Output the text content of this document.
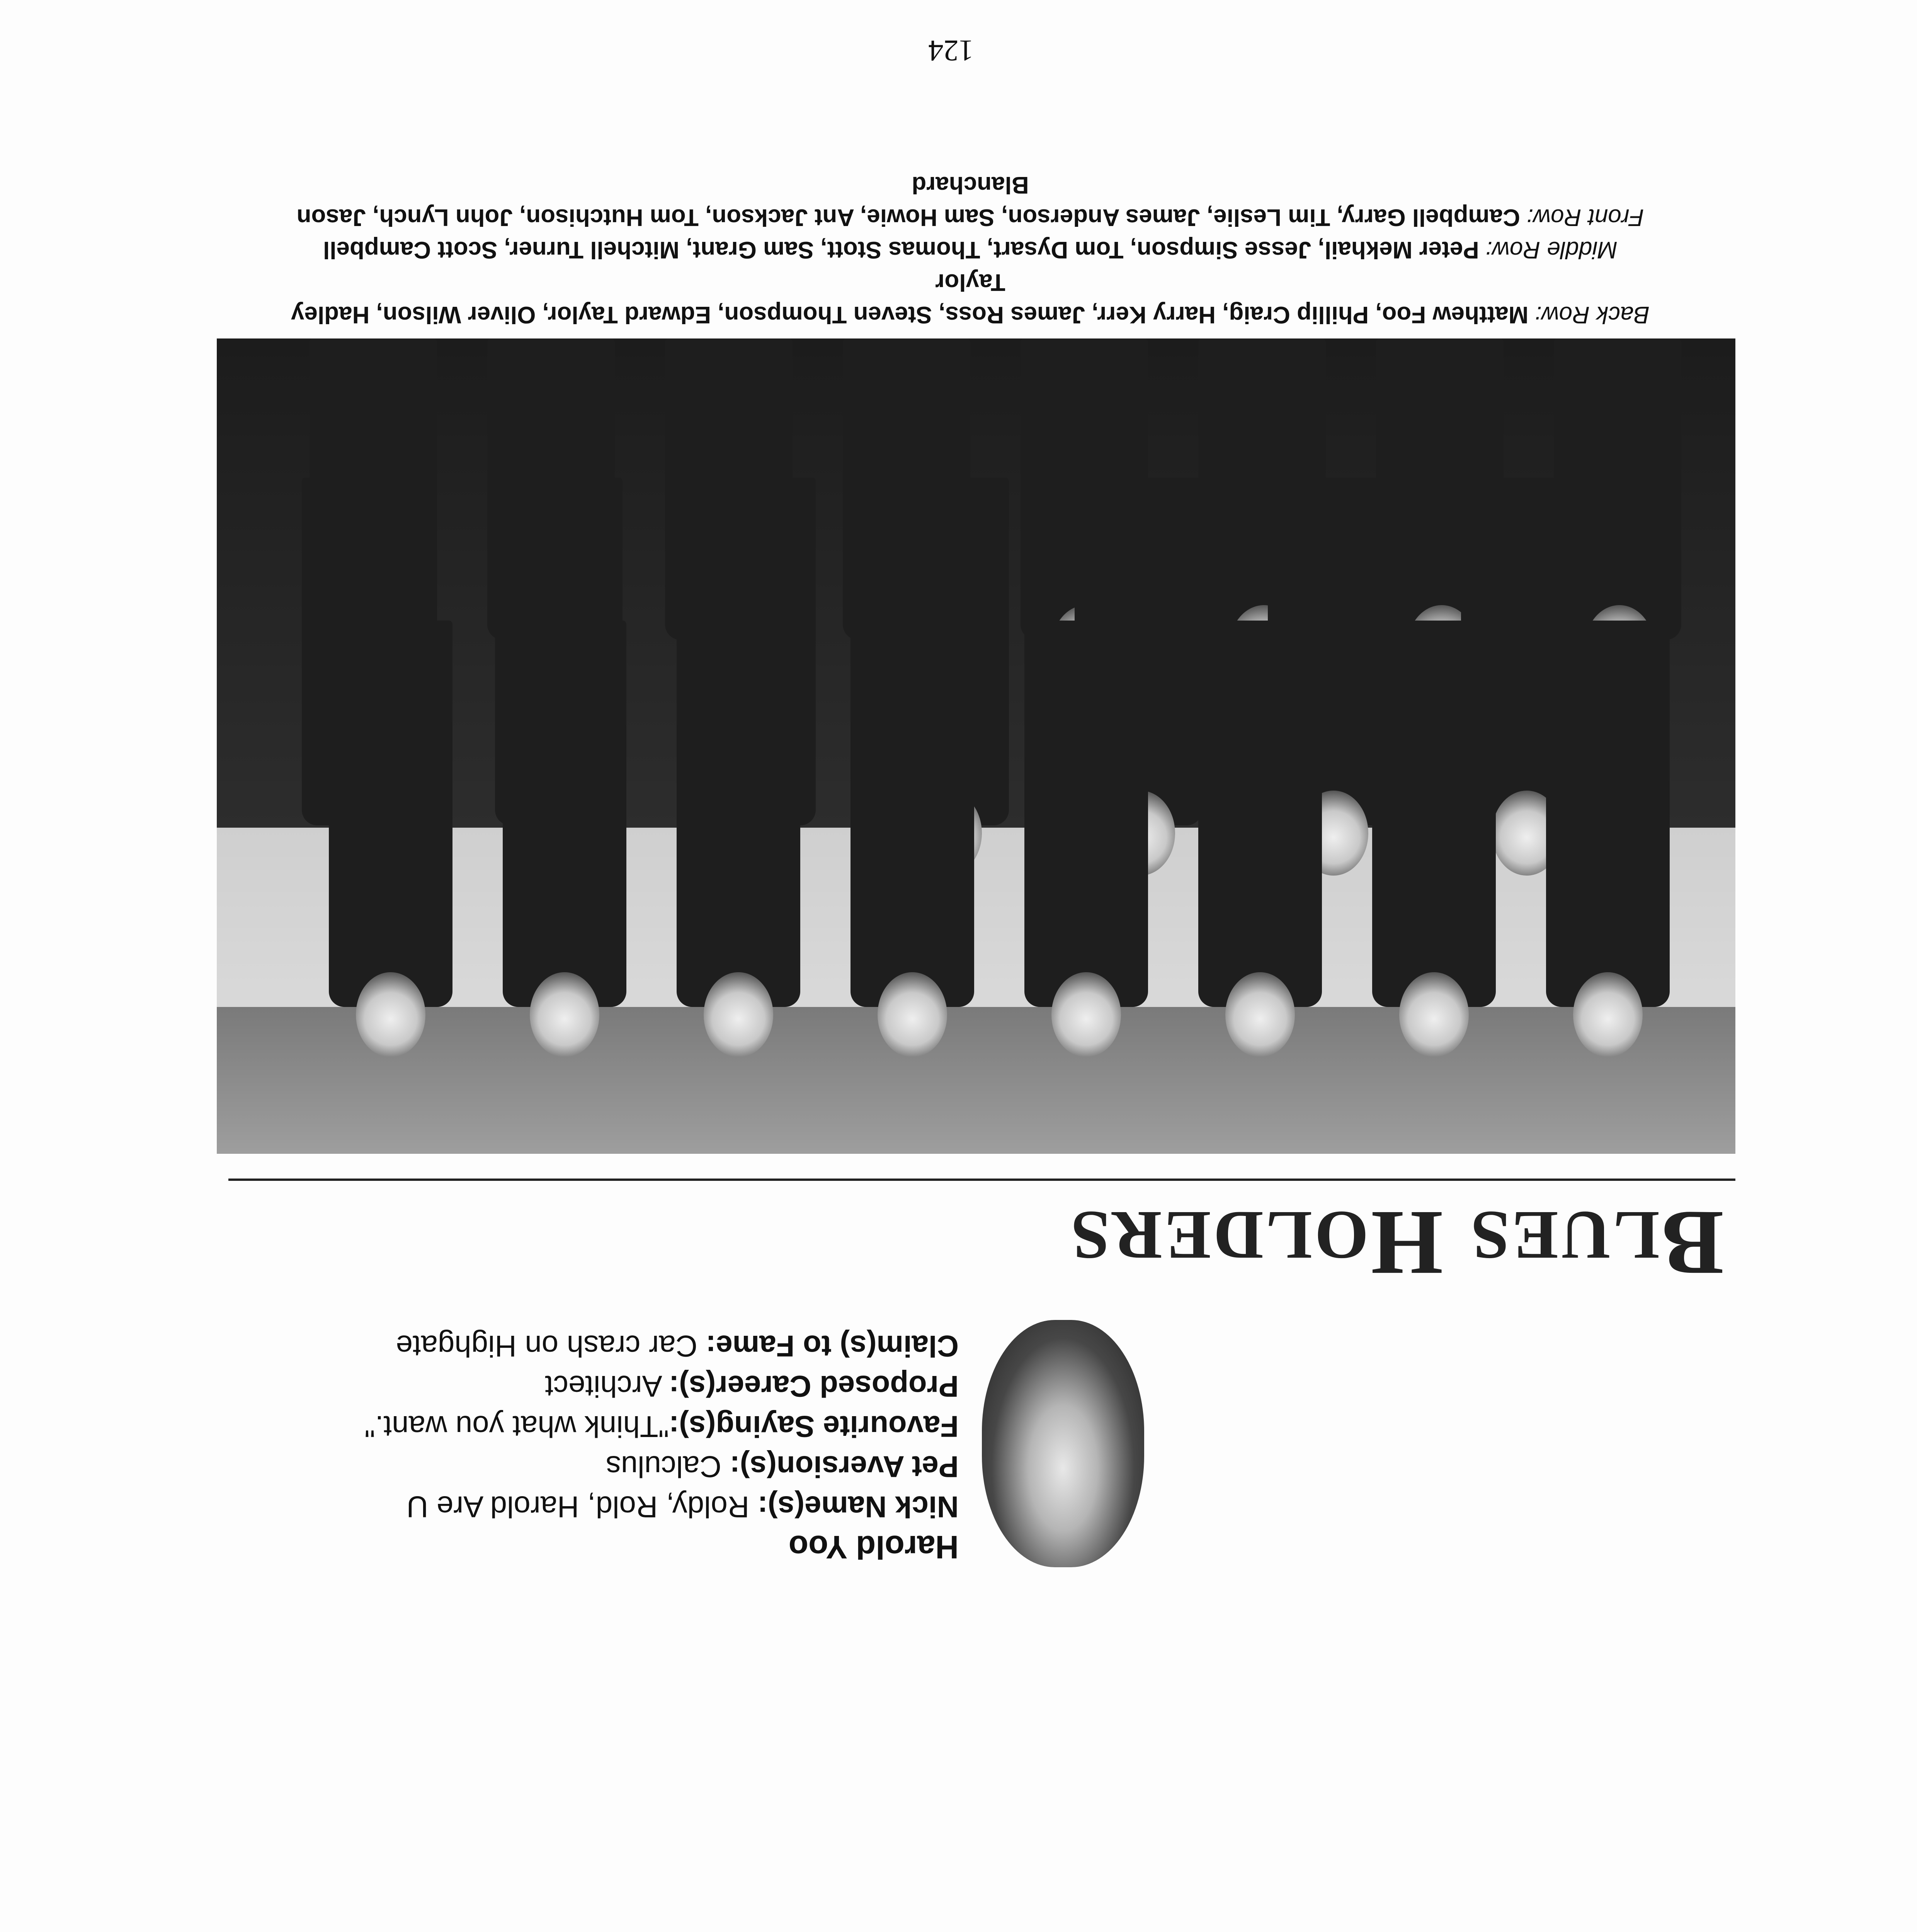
Harold Yoo

Nick Name(s): Roldy, Rold, Harold Are U

Pet Aversion(s): Calculus

Favourite Saying(s):"Think what you want."

Proposed Career(s): Architect

Claim(s) to Fame: Car crash on Highgate

BLUES HOLDERS
Back Row: Matthew Foo, Phillip Craig, Harry Kerr, James Ross, Steven Thompson, Edward Taylor, Oliver Wilson, Hadley Taylor
Middle Row: Peter Mekhail, Jesse Simpson, Tom Dysart, Thomas Stott, Sam Grant, Mitchell Turner, Scott Campbell
Front Row: Campbell Garry, Tim Leslie, James Anderson, Sam Howie, Ant Jackson, Tom Hutchison, John Lynch, Jason Blanchard
124
